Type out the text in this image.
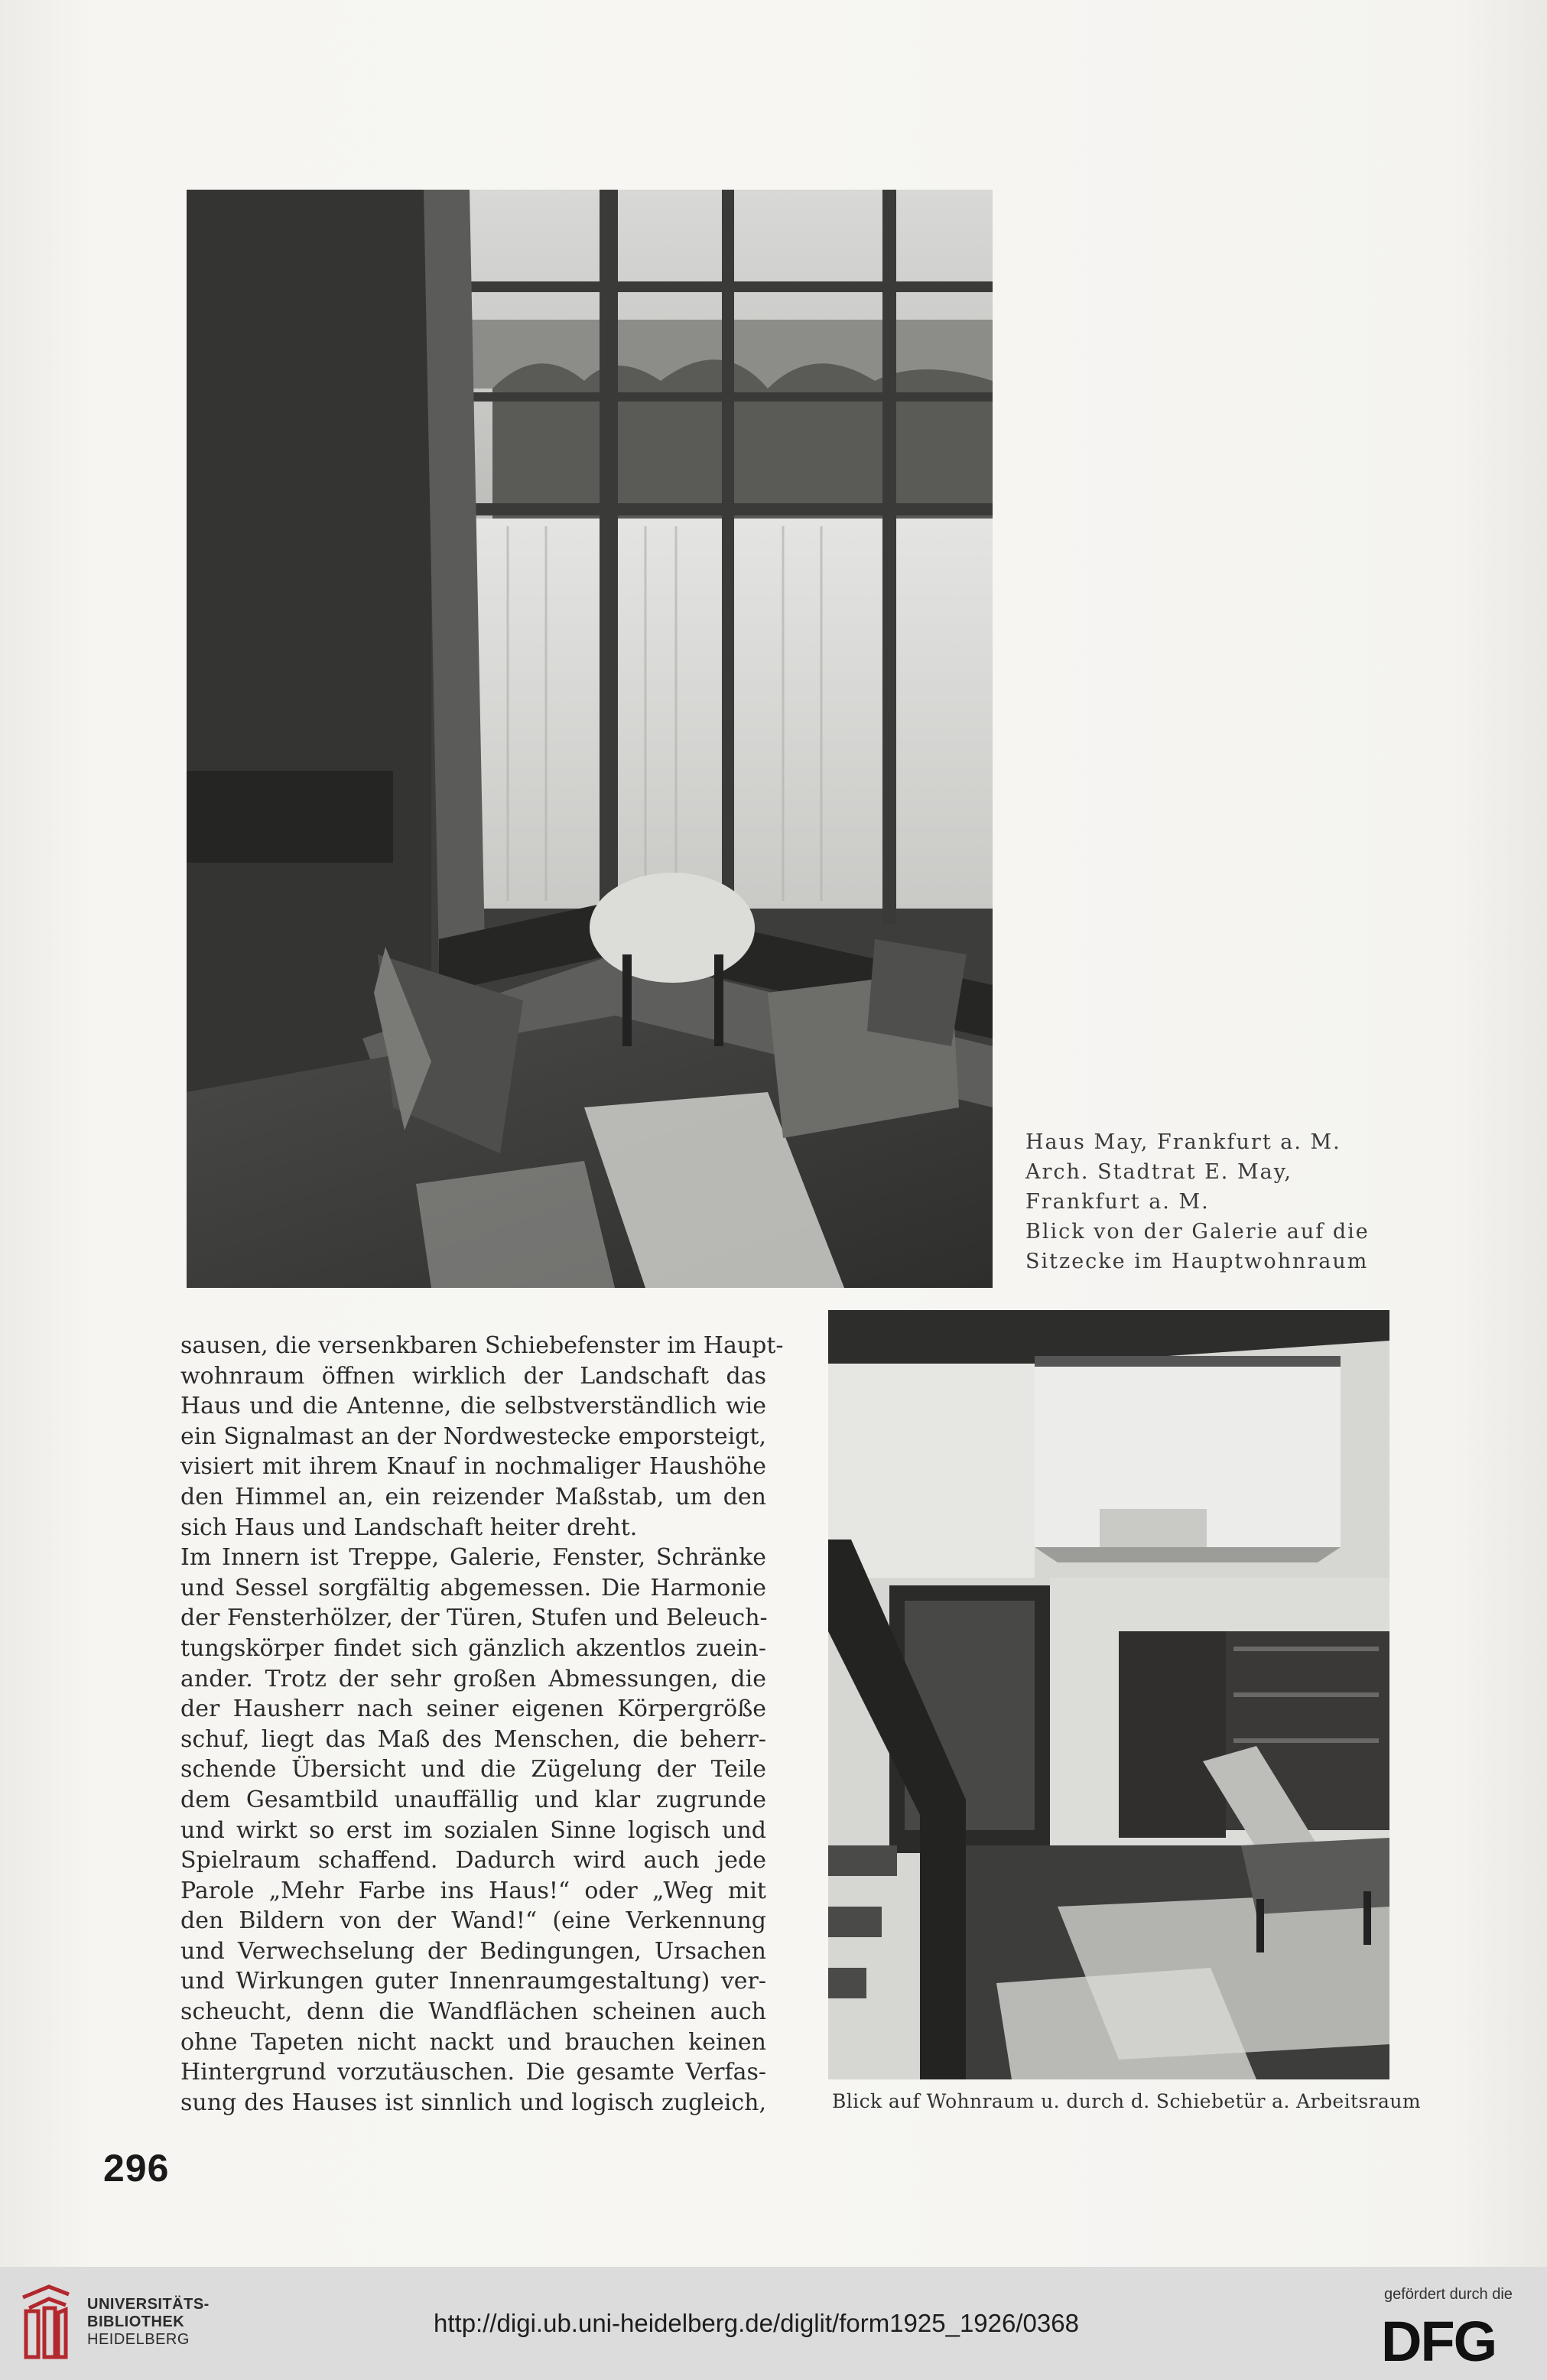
Haus May, Frankfurt a. M.
Arch. Stadtrat E. May,
Frankfurt a. M.
Blick von der Galerie auf die
Sitzecke im Hauptwohnraum
sausen, die versenkbaren Schiebefenster im Haupt-
wohnraum öffnen wirklich der Landschaft das
Haus und die Antenne, die selbstverständlich wie
ein Signalmast an der Nordwestecke emporsteigt,
visiert mit ihrem Knauf in nochmaliger Haushöhe
den Himmel an, ein reizender Maßstab, um den
sich Haus und Landschaft heiter dreht.
Im Innern ist Treppe, Galerie, Fenster, Schränke
und Sessel sorgfältig abgemessen. Die Harmonie
der Fensterhölzer, der Türen, Stufen und Beleuch-
tungskörper findet sich gänzlich akzentlos zuein-
ander. Trotz der sehr großen Abmessungen, die
der Hausherr nach seiner eigenen Körpergröße
schuf, liegt das Maß des Menschen, die beherr-
schende Übersicht und die Zügelung der Teile
dem Gesamtbild unauffällig und klar zugrunde
und wirkt so erst im sozialen Sinne logisch und
Spielraum schaffend. Dadurch wird auch jede
Parole „Mehr Farbe ins Haus!“ oder „Weg mit
den Bildern von der Wand!“ (eine Verkennung
und Verwechselung der Bedingungen, Ursachen
und Wirkungen guter Innenraumgestaltung) ver-
scheucht, denn die Wandflächen scheinen auch
ohne Tapeten nicht nackt und brauchen keinen
Hintergrund vorzutäuschen. Die gesamte Verfas-
sung des Hauses ist sinnlich und logisch zugleich,	Blick auf Wohnraum u. durch d. Schiebetür a. Arbeitsraum
296
UNIVERSITÄTS-
BIBLIOTHEK
HEIDELBERG
http://digi.ub.uni-heidelberg.de/diglit/form1925_1926/0368
gefördert durch die
DFG
